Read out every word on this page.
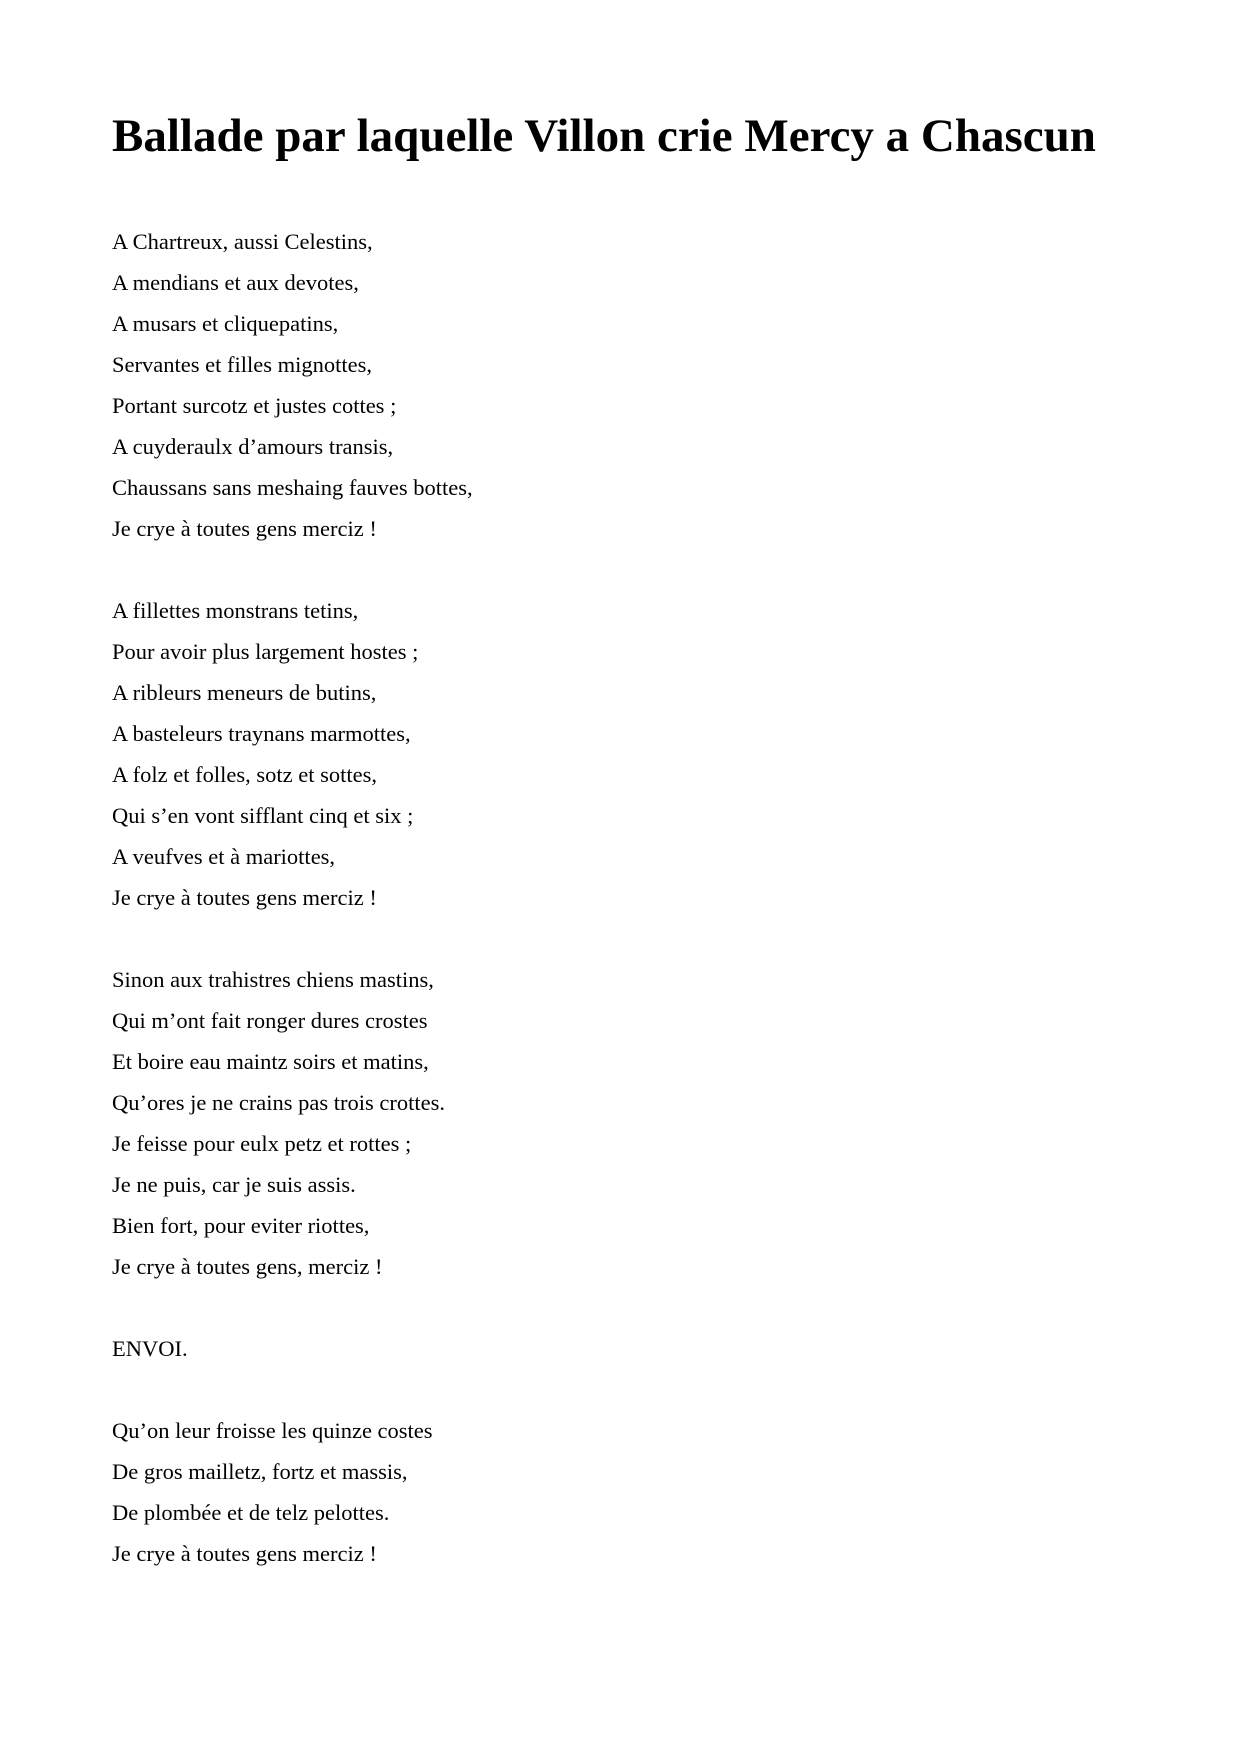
Ballade par laquelle Villon crie Mercy a Chascun
A Chartreux, aussi Celestins,
A mendians et aux devotes,
A musars et cliquepatins,
Servantes et filles mignottes,
Portant surcotz et justes cottes ;
A cuyderaulx d’amours transis,
Chaussans sans meshaing fauves bottes,
Je crye à toutes gens merciz !
A fillettes monstrans tetins,
Pour avoir plus largement hostes ;
A ribleurs meneurs de butins,
A basteleurs traynans marmottes,
A folz et folles, sotz et sottes,
Qui s’en vont sifflant cinq et six ;
A veufves et à mariottes,
Je crye à toutes gens merciz !
Sinon aux trahistres chiens mastins,
Qui m’ont fait ronger dures crostes
Et boire eau maintz soirs et matins,
Qu’ores je ne crains pas trois crottes.
Je feisse pour eulx petz et rottes ;
Je ne puis, car je suis assis.
Bien fort, pour eviter riottes,
Je crye à toutes gens, merciz !
ENVOI.
Qu’on leur froisse les quinze costes
De gros mailletz, fortz et massis,
De plombée et de telz pelottes.
Je crye à toutes gens merciz !
